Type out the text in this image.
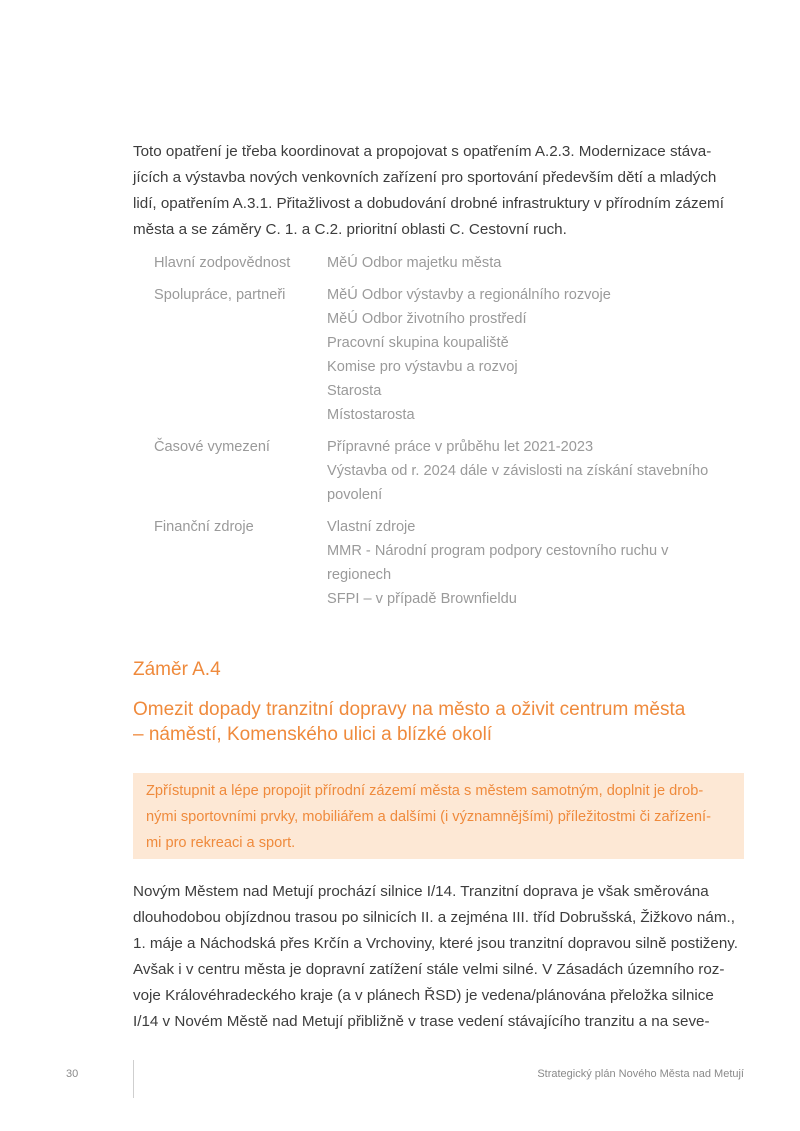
Toto opatření je třeba koordinovat a propojovat s opatřením A.2.3. Modernizace stáva-
jících a výstavba nových venkovních zařízení pro sportování především dětí a mladých
lidí, opatřením A.3.1. Přitažlivost a dobudování drobné infrastruktury v přírodním zázemí
města a se záměry C. 1. a C.2. prioritní oblasti C. Cestovní ruch.
Hlavní zodpovědnost	MěÚ Odbor majetku města
Spolupráce, partneři	MěÚ Odbor výstavby a regionálního rozvoje
MěÚ Odbor životního prostředí
Pracovní skupina koupaliště
Komise pro výstavbu a rozvoj
Starosta
Místostarosta
Časové vymezení	Přípravné práce v průběhu let 2021-2023
Výstavba od r. 2024 dále v závislosti na získání stavebního
povolení
Finanční zdroje	Vlastní zdroje
MMR - Národní program podpory cestovního ruchu v
regionech
SFPI – v případě Brownfieldu
Záměr A.4
Omezit dopady tranzitní dopravy na město a oživit centrum města
– náměstí, Komenského ulici a blízké okolí
Zpřístupnit a lépe propojit přírodní zázemí města s městem samotným, doplnit je drob-
nými sportovními prvky, mobiliářem a dalšími (i významnějšími) příležitostmi či zařízení-
mi pro rekreaci a sport.
Novým Městem nad Metují prochází silnice I/14. Tranzitní doprava je však směrována
dlouhodobou objízdnou trasou po silnicích II. a zejména III. tříd Dobrušská, Žižkovo nám.,
1. máje a Náchodská přes Krčín a Vrchoviny, které jsou tranzitní dopravou silně postiženy.
Avšak i v centru města je dopravní zatížení stále velmi silné. V Zásadách územního roz-
voje Královéhradeckého kraje (a v plánech ŘSD) je vedena/plánována přeložka silnice
I/14 v Novém Městě nad Metují přibližně v trase vedení stávajícího tranzitu a na seve-
30	Strategický plán Nového Města nad Metují
